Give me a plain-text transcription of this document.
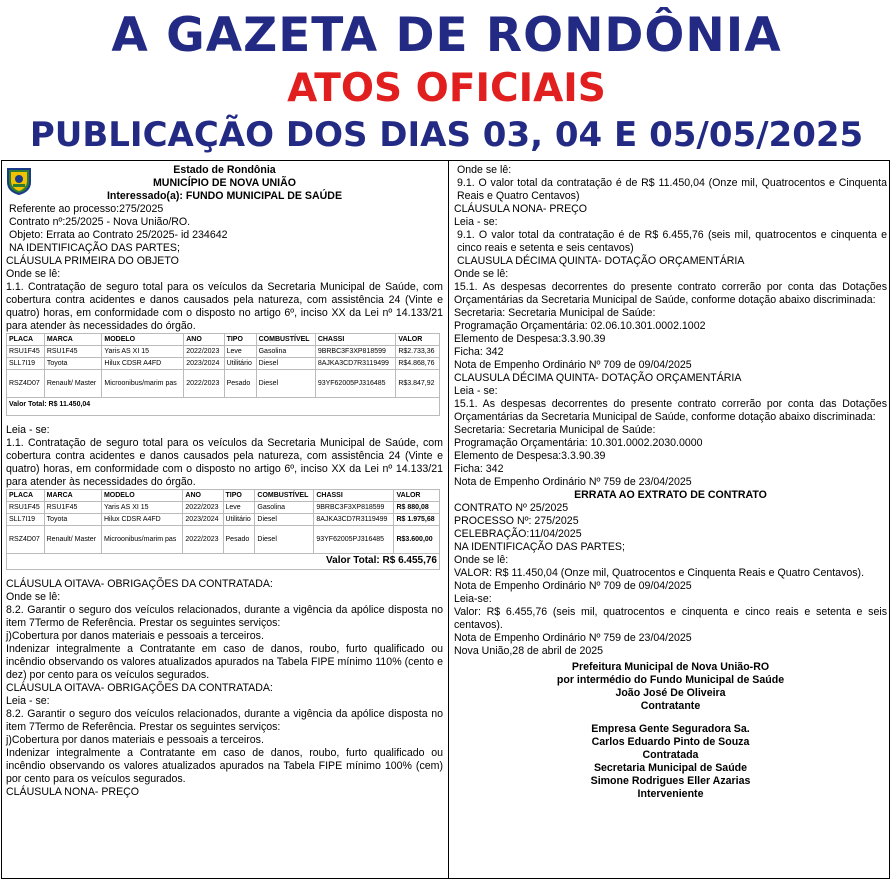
A GAZETA DE RONDÔNIA
ATOS OFICIAIS
PUBLICAÇÃO DOS DIAS 03, 04 E 05/05/2025
Estado de Rondônia
MUNICÍPIO DE NOVA UNIÃO
Interessado(a): FUNDO MUNICIPAL DE SAÚDE
Referente ao processo:275/2025
Contrato nº:25/2025 - Nova União/RO.
Objeto: Errata ao Contrato 25/2025- id 234642
NA IDENTIFICAÇÃO DAS PARTES;
CLÁUSULA PRIMEIRA DO OBJETO
Onde se lê:
1.1. Contratação de seguro total para os veículos da Secretaria Municipal de Saúde, com cobertura contra acidentes e danos causados pela natureza, com assistência 24 (Vinte e quatro) horas, em conformidade com o disposto no artigo 6º, inciso XX da Lei nº 14.133/21 para atender às necessidades do órgão.
PLACA	MARCA	MODELO	ANO	TIPO	COMBUSTÍVEL	CHASSI	VALOR
RSU1F45	RSU1F45	Yaris AS XI 15	2022/2023	Leve	Gasolina	9BRBC3F3XP818599	R$2.733,36
SLL7I19	Toyota	Hilux CDSR A4FD	2023/2024	Utilitário	Diesel	8AJKA3CD7R3119499	R$4.868,76
RSZ4D07	Renault/ Master	Microonibus/marim pas	2022/2023	Pesado	Diesel	93YF62005PJ316485	R$3.847,92
Valor Total: R$ 11.450,04							
Leia - se:
1.1. Contratação de seguro total para os veículos da Secretaria Municipal de Saúde, com cobertura contra acidentes e danos causados pela natureza, com assistência 24 (Vinte e quatro) horas, em conformidade com o disposto no artigo 6º, inciso XX da Lei nº 14.133/21 para atender às necessidades do órgão.
PLACA	MARCA	MODELO	ANO	TIPO	COMBUSTÍVEL	CHASSI	VALOR
RSU1F45	RSU1F45	Yaris AS XI 15	2022/2023	Leve	Gasolina	9BRBC3F3XP818599	R$ 880,08
SLL7I19	Toyota	Hilux CDSR A4FD	2023/2024	Utilitário	Diesel	8AJKA3CD7R3119499	R$ 1.975,68
RSZ4D07	Renault/ Master	Microonibus/marim pas	2022/2023	Pesado	Diesel	93YF62005PJ316485	R$3.600,00
Valor Total: R$ 6.455,76							
CLÁUSULA OITAVA- OBRIGAÇÕES DA CONTRATADA:
Onde se lê:
8.2. Garantir o seguro dos veículos relacionados, durante a vigência da apólice disposta no item 7Termo de Referência. Prestar os seguintes serviços:
j)Cobertura por danos materiais e pessoais a terceiros.
Indenizar integralmente a Contratante em caso de danos, roubo, furto qualificado ou incêndio observando os valores atualizados apurados na Tabela FIPE mínimo 110% (cento e dez) por cento para os veículos segurados.
CLÁUSULA OITAVA- OBRIGAÇÕES DA CONTRATADA:
Leia - se:
8.2. Garantir o seguro dos veículos relacionados, durante a vigência da apólice disposta no item 7Termo de Referência. Prestar os seguintes serviços:
j)Cobertura por danos materiais e pessoais a terceiros.
Indenizar integralmente a Contratante em caso de danos, roubo, furto qualificado ou incêndio observando os valores atualizados apurados na Tabela FIPE mínimo 100% (cem) por cento para os veículos segurados.
CLÁUSULA NONA- PREÇO
Onde se lê:
9.1. O valor total da contratação é de R$ 11.450,04 (Onze mil, Quatrocentos e Cinquenta Reais e Quatro Centavos)
CLÁUSULA NONA- PREÇO
Leia - se:
9.1. O valor total da contratação é de R$ 6.455,76 (seis mil, quatrocentos e cinquenta e cinco reais e setenta e seis centavos)
CLAUSULA DÉCIMA QUINTA- DOTAÇÃO ORÇAMENTÁRIA
Onde se lê:
15.1. As despesas decorrentes do presente contrato correrão por conta das Dotações Orçamentárias da Secretaria Municipal de Saúde, conforme dotação abaixo discriminada:
Secretaria: Secretaria Municipal de Saúde:
Programação Orçamentária: 02.06.10.301.0002.1002
Elemento de Despesa:3.3.90.39
Ficha: 342
Nota de Empenho Ordinário Nº 709 de 09/04/2025
CLAUSULA DÉCIMA QUINTA- DOTAÇÃO ORÇAMENTÁRIA
Leia - se:
15.1. As despesas decorrentes do presente contrato correrão por conta das Dotações Orçamentárias da Secretaria Municipal de Saúde, conforme dotação abaixo discriminada:
Secretaria: Secretaria Municipal de Saúde:
Programação Orçamentária: 10.301.0002.2030.0000
Elemento de Despesa:3.3.90.39
Ficha: 342
Nota de Empenho Ordinário Nº 759 de 23/04/2025
ERRATA AO EXTRATO DE CONTRATO
CONTRATO Nº 25/2025
PROCESSO Nº: 275/2025
CELEBRAÇÃO:11/04/2025
NA IDENTIFICAÇÃO DAS PARTES;
Onde se lê:
VALOR: R$ 11.450,04 (Onze mil, Quatrocentos e Cinquenta Reais e Quatro Centavos).
Nota de Empenho Ordinário Nº 709 de 09/04/2025
Leia-se:
Valor: R$ 6.455,76 (seis mil, quatrocentos e cinquenta e cinco reais e setenta e seis centavos).
Nota de Empenho Ordinário Nº 759 de 23/04/2025
Nova União,28 de abril de 2025
Prefeitura Municipal de Nova União-RO
por intermédio do Fundo Municipal de Saúde
João José De Oliveira
Contratante
Empresa Gente Seguradora Sa.
Carlos Eduardo Pinto de Souza
Contratada
Secretaria Municipal de Saúde
Simone Rodrigues Eller Azarias
Interveniente
